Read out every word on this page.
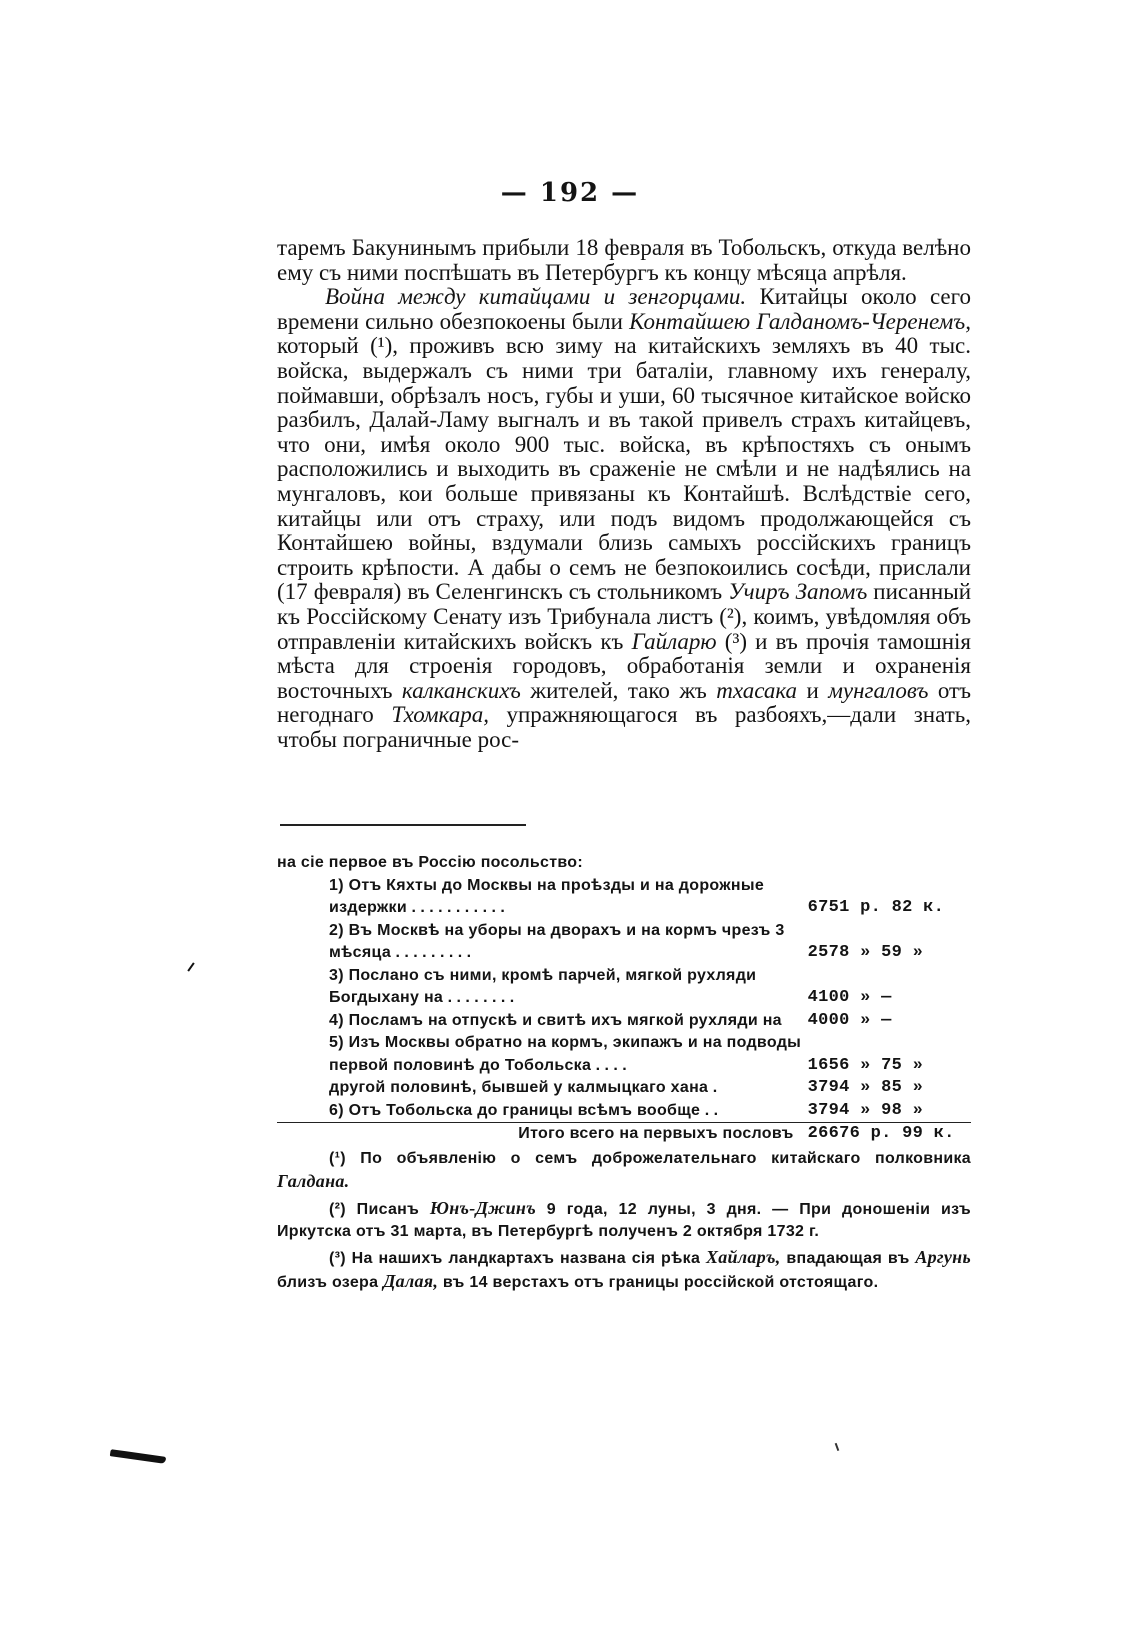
— 192 —

таремъ Бакунинымъ прибыли 18 февраля въ Тобольскъ, откуда велѣно ему съ ними поспѣшать въ Петербургъ къ концу мѣсяца апрѣля.

Война между китайцами и зенгорцами. Китайцы около сего времени сильно обезпокоены были Контайшею Галданомъ-Черенемъ, который (¹), проживъ всю зиму на китайскихъ земляхъ въ 40 тыс. войска, выдержалъ съ ними три баталіи, главному ихъ генералу, поймавши, обрѣзалъ носъ, губы и уши, 60 тысячное китайское войско разбилъ, Далай-Ламу выгналъ и въ такой привелъ страхъ китайцевъ, что они, имѣя около 900 тыс. войска, въ крѣпостяхъ съ онымъ расположились и выходить въ сраженіе не смѣли и не надѣялись на мунгаловъ, кои больше привязаны къ Контайшѣ. Вслѣдствіе сего, китайцы или отъ страху, или подъ видомъ продолжающейся съ Контайшею войны, вздумали близь самыхъ россійскихъ границъ строить крѣпости. А дабы о семъ не безпокоились сосѣди, прислали (17 февраля) въ Селенгинскъ съ стольникомъ Учиръ Запомъ писанный къ Россійскому Сенату изъ Трибунала листъ (²), коимъ, увѣдомляя объ отправленіи китайскихъ войскъ къ Гайларю (³) и въ прочія тамошнія мѣста для строенія городовъ, обработанія земли и охраненія восточныхъ калканскихъ жителей, тако жъ тхасака и мунгаловъ отъ негоднаго Тхомкара, упражняющагося въ разбояхъ,—дали знать, чтобы пограничные рос-

на сіе первое въ Россію посольство:

1) Отъ Кяхты до Москвы на проѣзды и на дорожные издержки . . . . . . . . . . .	6751 р. 82 к.

2) Въ Москвѣ на уборы на дворахъ и на кормъ чрезъ 3 мѣсяца . . . . . . . . .	2578 » 59 »

3) Послано съ ними, кромѣ парчей, мягкой рухляди Богдыхану на . . . . . . . .	4100 » —

4) Посламъ на отпускѣ и свитѣ ихъ мягкой рухляди на	4000 » —

5) Изъ Москвы обратно на кормъ, экипажъ и на подводы первой половинѣ до Тобольска . . . .	1656 » 75 »

другой половинѣ, бывшей у калмыцкаго хана .	3794 » 85 »

6) Отъ Тобольска до границы всѣмъ вообще . .	3794 » 98 »
Итого всего на первыхъ пословъ	26676 р. 99 к.

(¹) По объявленію о семъ доброжелательнаго китайскаго полковника Галдана.

(²) Писанъ Юнъ-Джинъ 9 года, 12 луны, 3 дня. — При доношеніи изъ Иркутска отъ 31 марта, въ Петербургѣ полученъ 2 октября 1732 г.

(³) На нашихъ ландкартахъ названа сія рѣка Хайларъ, впадающая въ Аргунь близъ озера Далая, въ 14 верстахъ отъ границы россійской отстоящаго.
